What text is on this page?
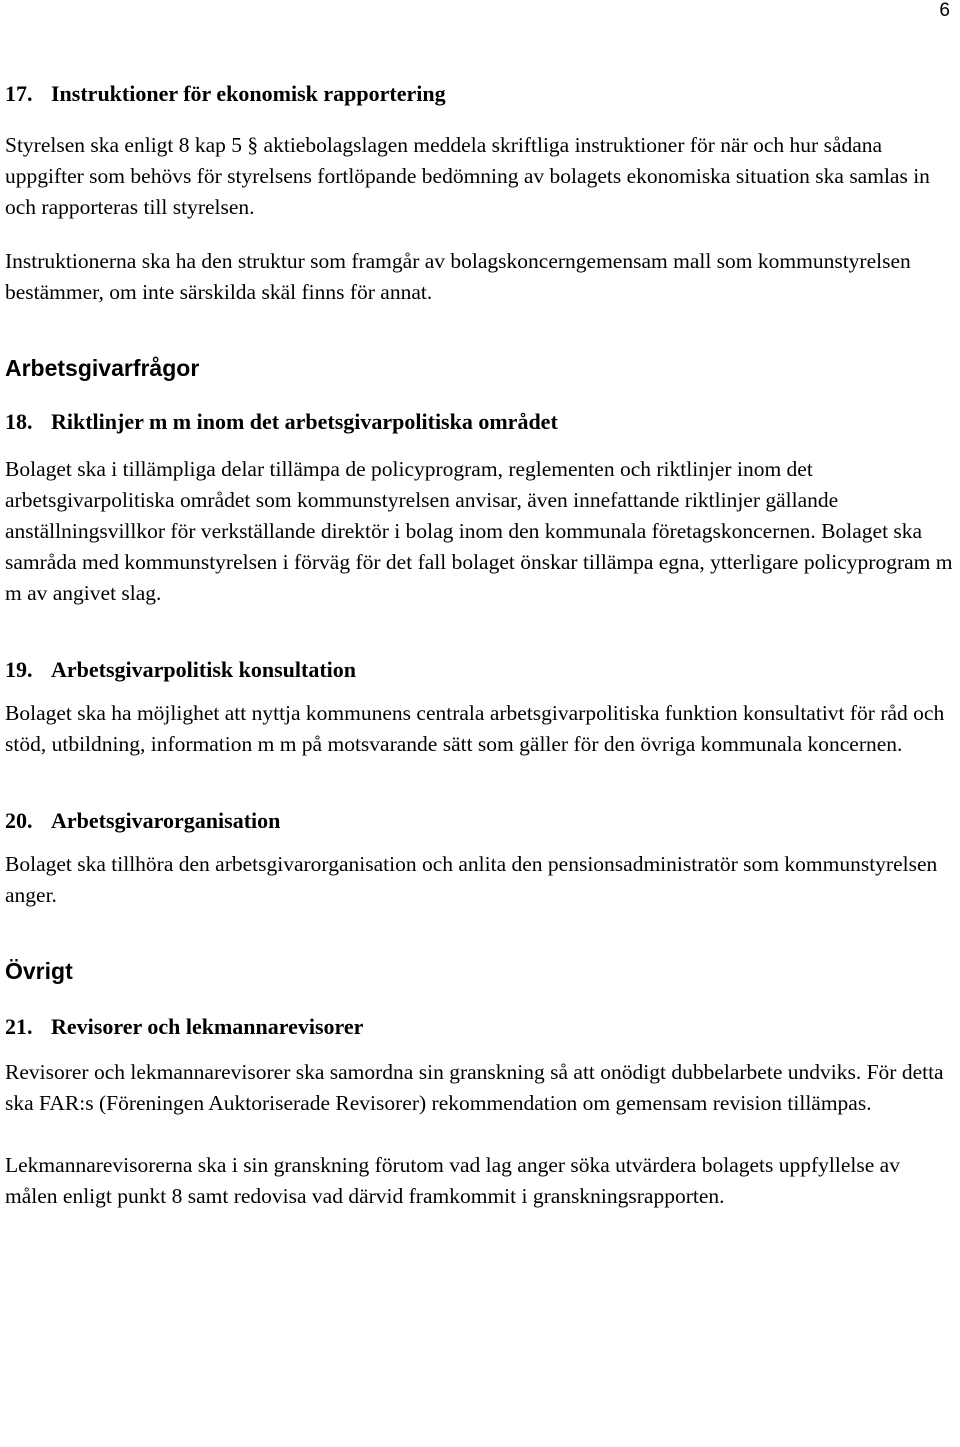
6
17. Instruktioner för ekonomisk rapportering

Styrelsen ska enligt 8 kap 5 § aktiebolagslagen meddela skriftliga instruktioner för när och hur sådana uppgifter som behövs för styrelsens fortlöpande bedömning av bolagets ekonomiska situation ska samlas in och rapporteras till styrelsen.

Instruktionerna ska ha den struktur som framgår av bolagskoncerngemensam mall som kommunstyrelsen bestämmer, om inte särskilda skäl finns för annat.

Arbetsgivarfrågor
18. Riktlinjer m m inom det arbetsgivarpolitiska området

Bolaget ska i tillämpliga delar tillämpa de policyprogram, reglementen och riktlinjer inom det arbetsgivarpolitiska området som kommunstyrelsen anvisar, även innefattande riktlinjer gällande anställningsvillkor för verkställande direktör i bolag inom den kommunala företagskoncernen. Bolaget ska samråda med kommunstyrelsen i förväg för det fall bolaget önskar tillämpa egna, ytterligare policyprogram m m av angivet slag.

19. Arbetsgivarpolitisk konsultation

Bolaget ska ha möjlighet att nyttja kommunens centrala arbetsgivarpolitiska funktion konsultativt för råd och stöd, utbildning, information m m på motsvarande sätt som gäller för den övriga kommunala koncernen.

20. Arbetsgivarorganisation

Bolaget ska tillhöra den arbetsgivarorganisation och anlita den pensionsadministratör som kommunstyrelsen anger.

Övrigt
21. Revisorer och lekmannarevisorer

Revisorer och lekmannarevisorer ska samordna sin granskning så att onödigt dubbelarbete undviks. För detta ska FAR:s (Föreningen Auktoriserade Revisorer) rekommendation om gemensam revision tillämpas.

Lekmannarevisorerna ska i sin granskning förutom vad lag anger söka utvärdera bolagets uppfyllelse av målen enligt punkt 8 samt redovisa vad därvid framkommit i granskningsrapporten.
